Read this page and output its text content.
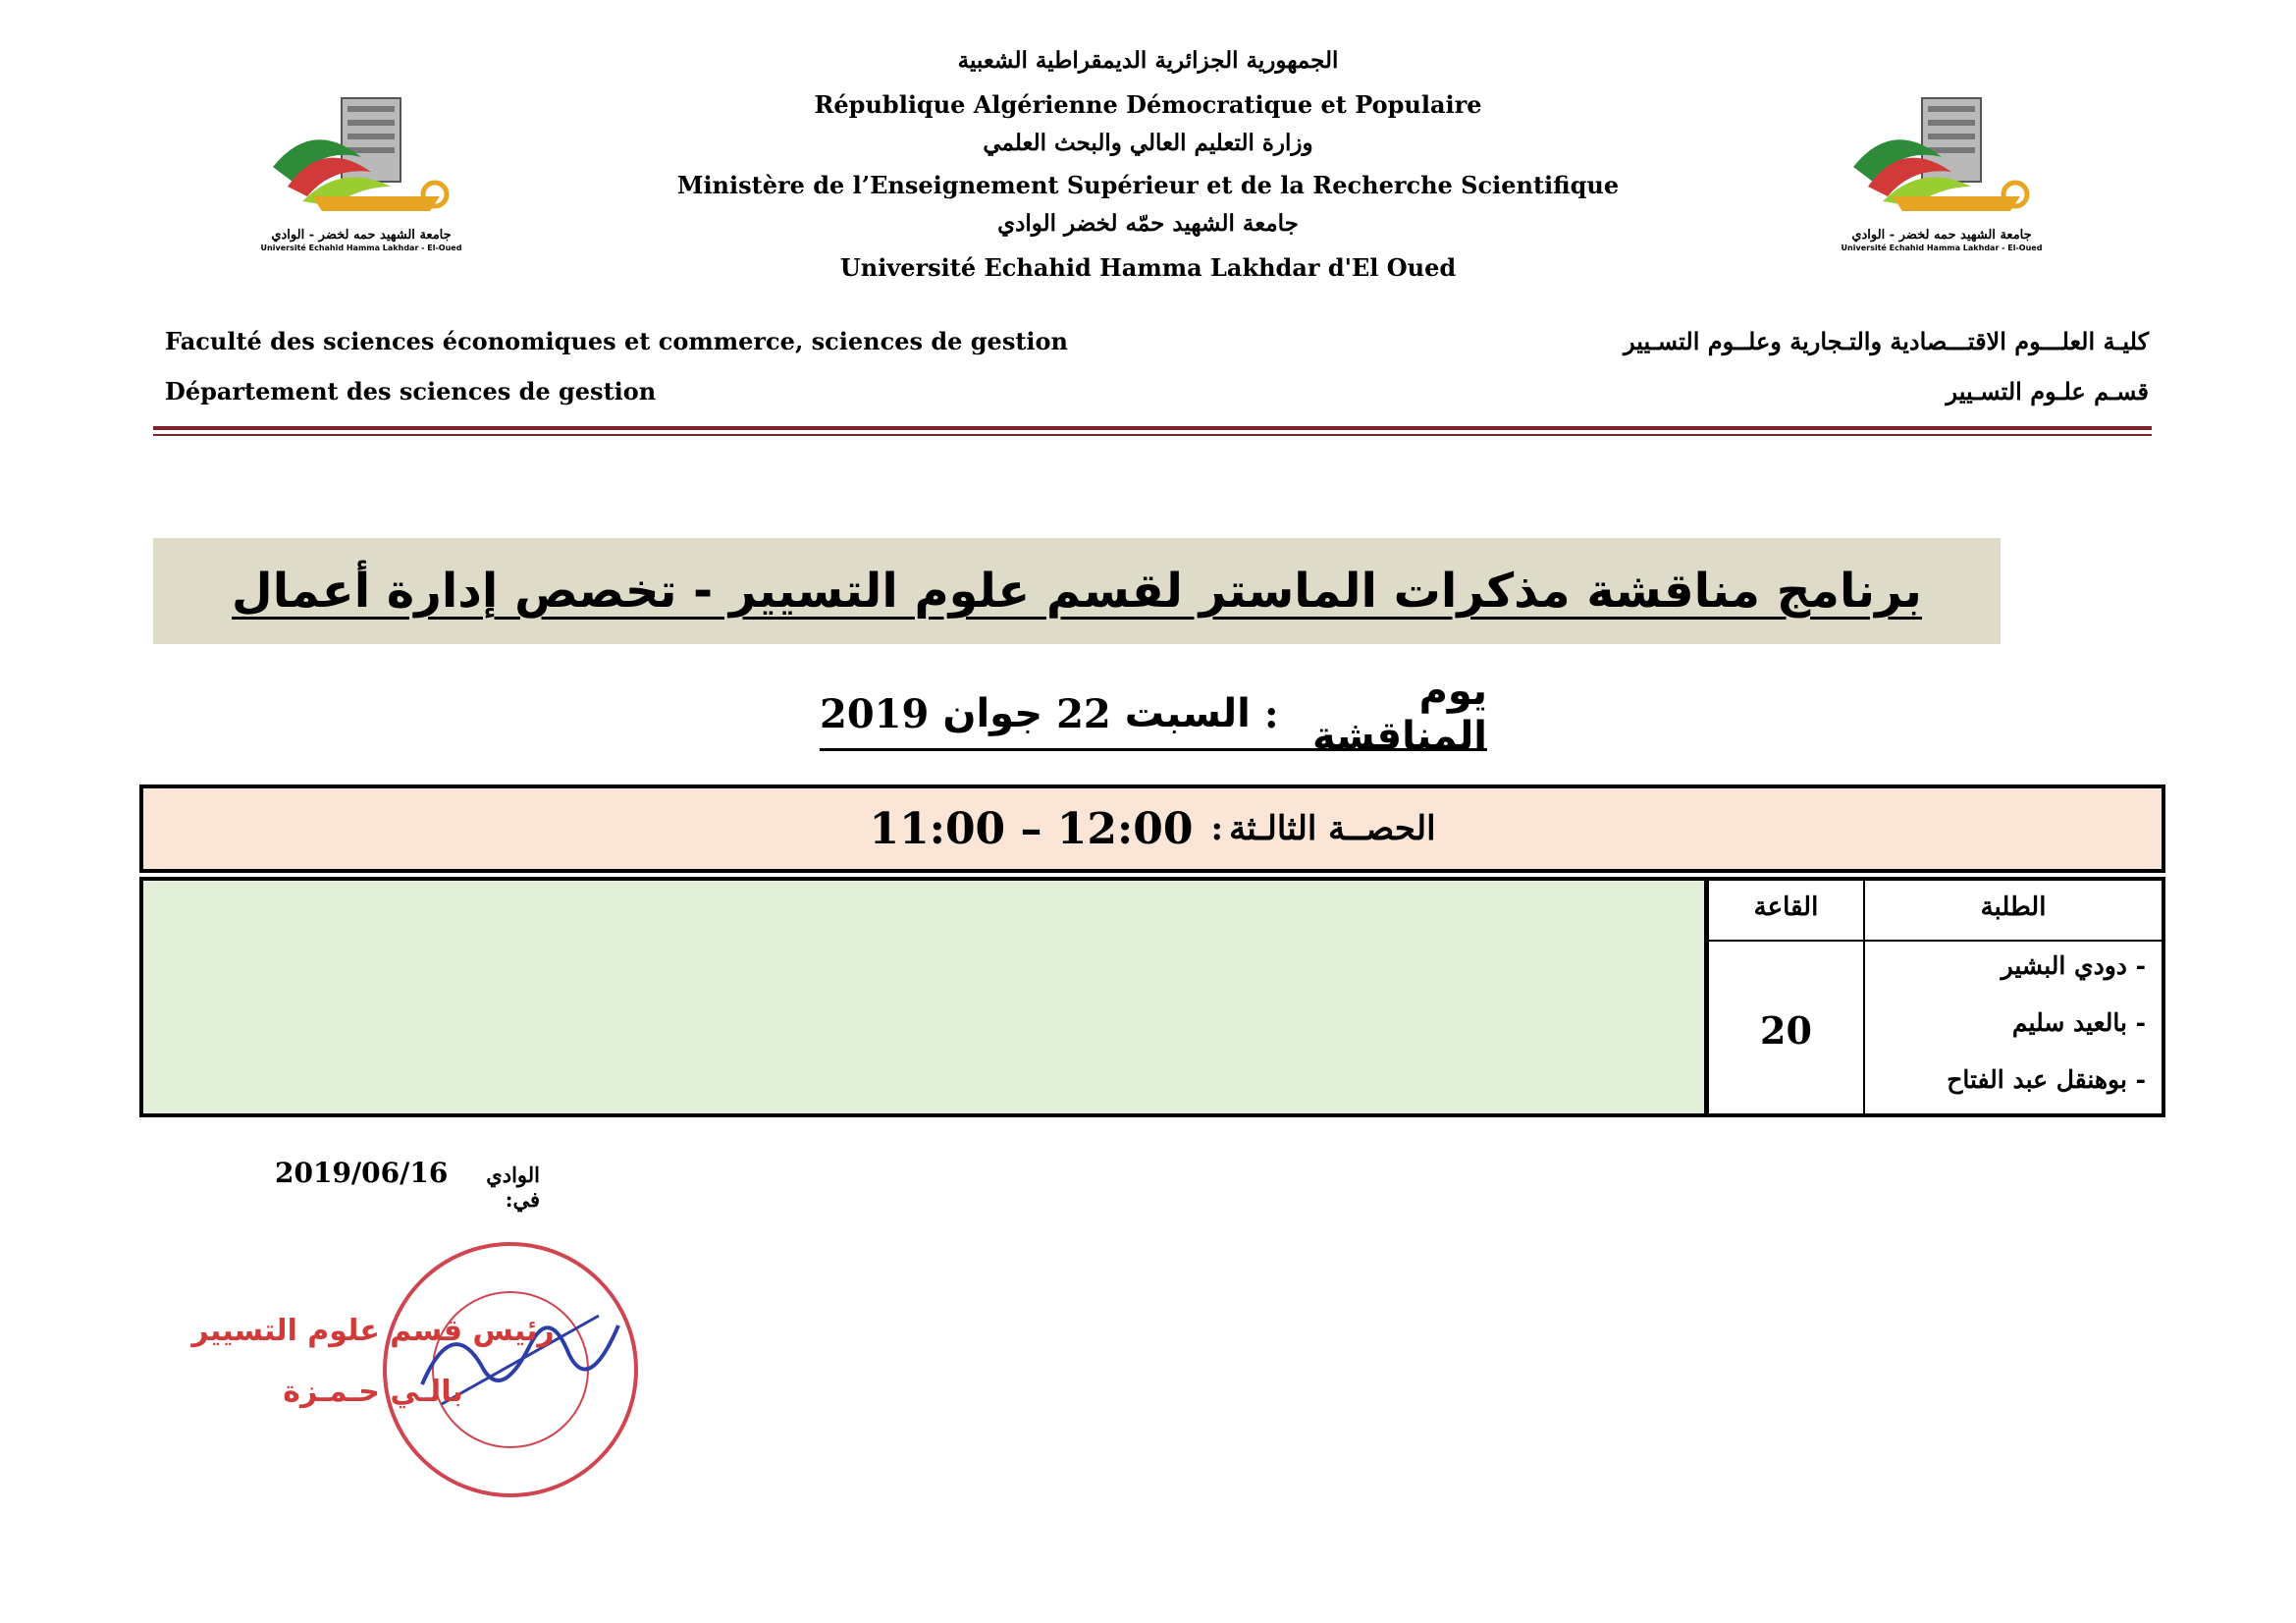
الجمهورية الجزائرية الديمقراطية الشعبية
République Algérienne Démocratique et Populaire
وزارة التعليم العالي والبحث العلمي
Ministère de l’Enseignement Supérieur et de la Recherche Scientifique
جامعة الشهيد حمّه لخضر الوادي
Université Echahid Hamma Lakhdar d'El Oued
جامعة الشهيد حمه لخضر - الوادي
Université Echahid Hamma Lakhdar - El-Oued
جامعة الشهيد حمه لخضر - الوادي
Université Echahid Hamma Lakhdar - El-Oued
Faculté des sciences économiques et commerce, sciences de gestion
Département des sciences de gestion
كليـة العلـــوم الاقتـــصادية والتـجارية وعلــوم التسـيير
قسـم علـوم التسـيير
برنامج مناقشة مذكرات الماستر لقسم علوم التسيير - تخصص إدارة أعمال
يوم المناقشة
:
السبت
22
جوان
2019
الحصــة الثالـثة
:
11:00 – 12:00
الطلبة
القاعة
20
- دودي البشير
- بالعيد سليم
- بوهنقل عبد الفتاح
الوادي في:
2019/06/16
رئيس قسم علوم التسيير
بالـي حـمـزة
